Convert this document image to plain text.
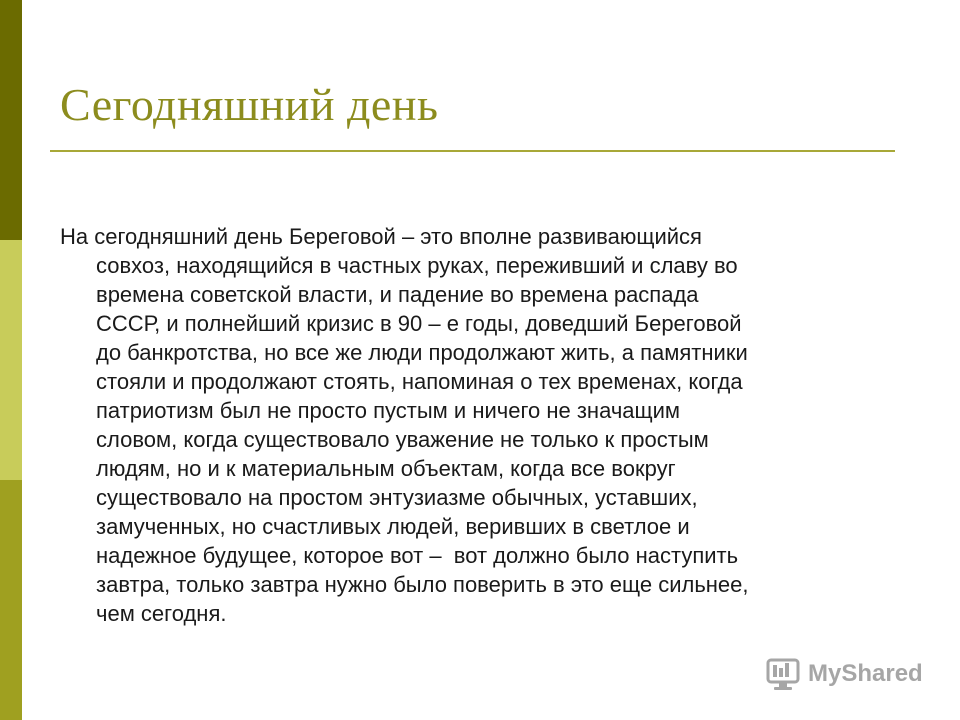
Сегодняшний день

На сегодняшний день Береговой – это вполне развивающийся
совхоз, находящийся в частных руках, переживший и славу во
времена советской власти, и падение во времена распада
СССР, и полнейший кризис в 90 – е годы, доведший Береговой
до банкротства, но все же люди продолжают жить, а памятники
стояли и продолжают стоять, напоминая о тех временах, когда
патриотизм был не просто пустым и ничего не значащим
словом, когда существовало уважение не только к простым
людям, но и к материальным объектам, когда все вокруг
существовало на простом энтузиазме обычных, уставших,
замученных, но счастливых людей, веривших в светлое и
надежное будущее, которое вот –  вот должно было наступить
завтра, только завтра нужно было поверить в это еще сильнее,
чем сегодня.

MyShared
